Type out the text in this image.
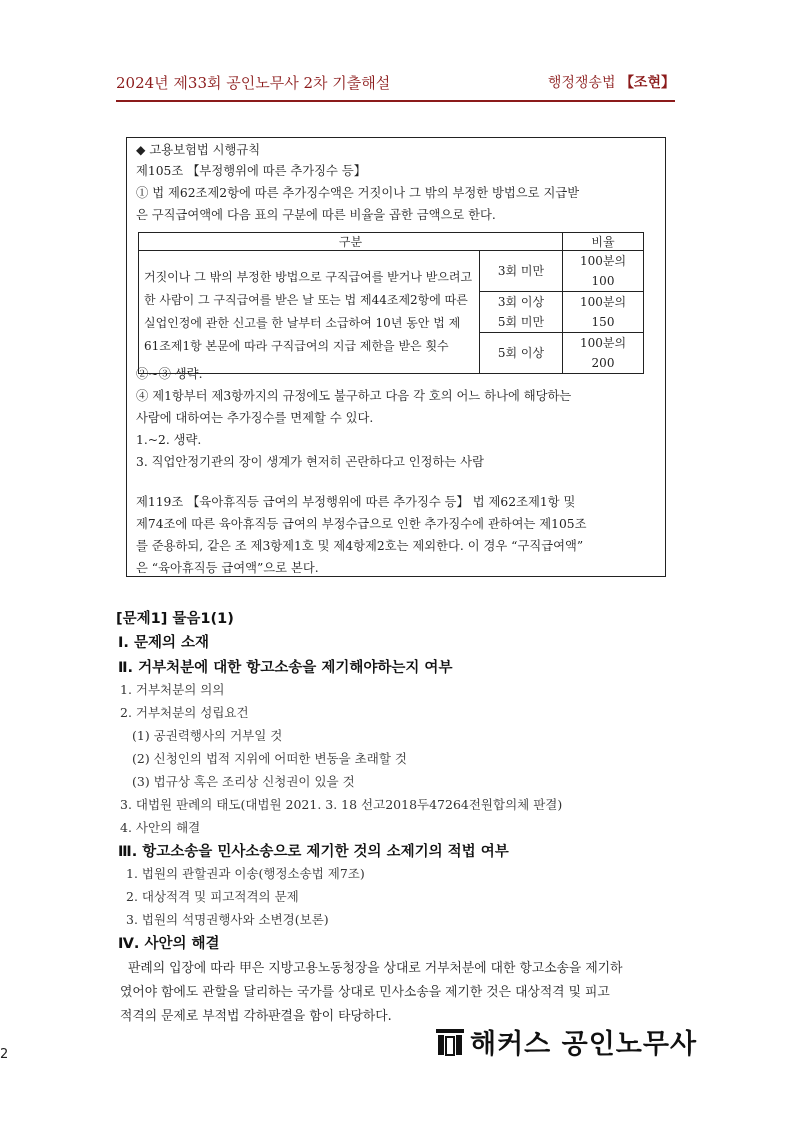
2024년 제33회 공인노무사 2차 기출해설	행정쟁송법 【조현】
◆ 고용보험법 시행규칙
제105조 【부정행위에 따른 추가징수 등】
① 법 제62조제2항에 따른 추가징수액은 거짓이나 그 밖의 부정한 방법으로 지급받
은 구직급여액에 다음 표의 구분에 따른 비율을 곱한 금액으로 한다.
구분		비율
거짓이나 그 밖의 부정한 방법으로 구직급여를 받거나 받으려고 한 사람이 그 구직급여를 받은 날 또는 법 제44조제2항에 따른 실업인정에 관한 신고를 한 날부터 소급하여 10년 동안 법 제61조제1항 본문에 따라 구직급여의 지급 제한을 받은 횟수	3회 미만	100분의
100
	3회 이상
5회 미만	100분의
150
	5회 이상	100분의
200
②~③ 생략.
④ 제1항부터 제3항까지의 규정에도 불구하고 다음 각 호의 어느 하나에 해당하는
사람에 대하여는 추가징수를 면제할 수 있다.
1.~2. 생략.
3. 직업안정기관의 장이 생계가 현저히 곤란하다고 인정하는 사람
제119조 【육아휴직등 급여의 부정행위에 따른 추가징수 등】 법 제62조제1항 및
제74조에 따른 육아휴직등 급여의 부정수급으로 인한 추가징수에 관하여는 제105조
를 준용하되, 같은 조 제3항제1호 및 제4항제2호는 제외한다. 이 경우 “구직급여액”
은 “육아휴직등 급여액”으로 본다.
[문제1] 물음1(1)
Ⅰ. 문제의 소재
Ⅱ. 거부처분에 대한 항고소송을 제기해야하는지 여부
1. 거부처분의 의의
2. 거부처분의 성립요건
(1) 공권력행사의 거부일 것
(2) 신청인의 법적 지위에 어떠한 변동을 초래할 것
(3) 법규상 혹은 조리상 신청권이 있을 것
3. 대법원 판례의 태도(대법원 2021. 3. 18 선고2018두47264전원합의체 판결)
4. 사안의 해결
Ⅲ. 항고소송을 민사소송으로 제기한 것의 소제기의 적법 여부
1. 법원의 관할권과 이송(행정소송법 제7조)
2. 대상적격 및 피고적격의 문제
3. 법원의 석명권행사와 소변경(보론)
Ⅳ. 사안의 해결
판례의 입장에 따라 甲은 지방고용노동청장을 상대로 거부처분에 대한 항고소송을 제기하
였어야 함에도 관할을 달리하는 국가를 상대로 민사소송을 제기한 것은 대상적격 및 피고
적격의 문제로 부적법 각하판결을 함이 타당하다.
해커스 공인노무사
2
